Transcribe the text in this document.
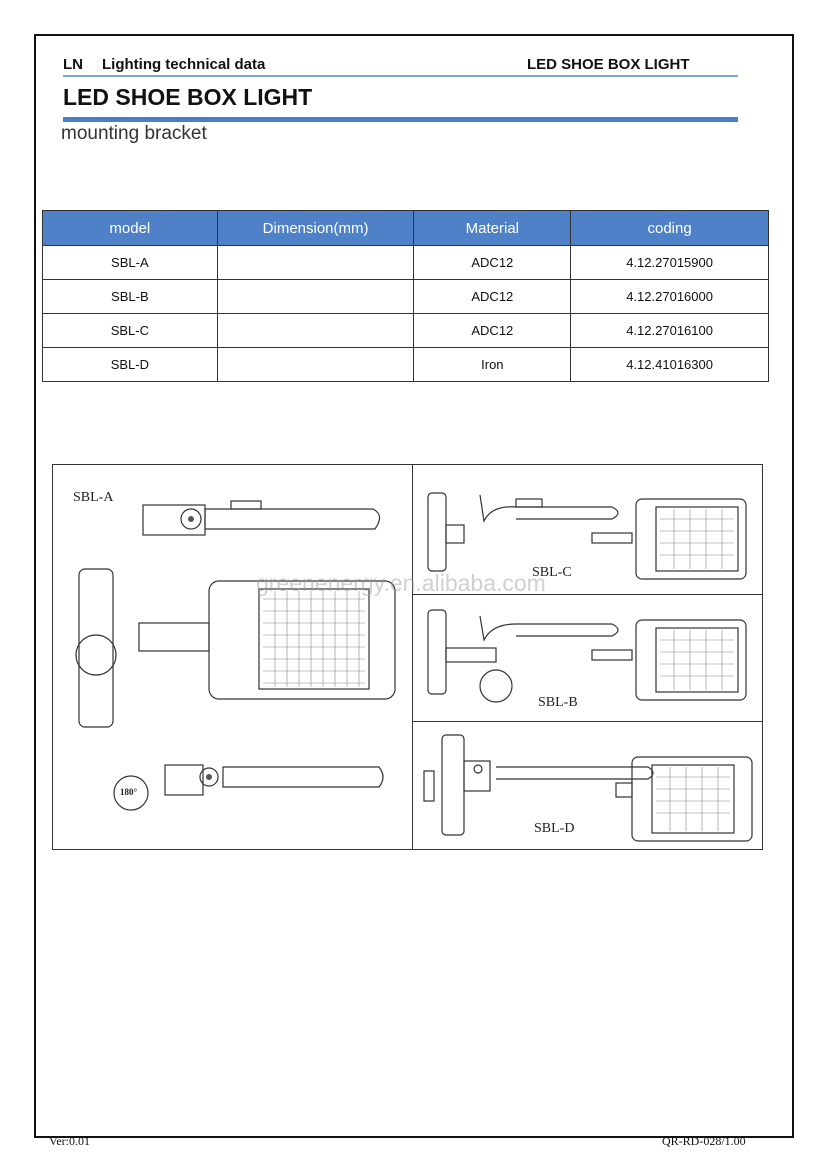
LN Lighting technical data	LED SHOE BOX LIGHT
LED SHOE BOX LIGHT
mounting bracket
model	Dimension(mm)	Material	coding
SBL-A		ADC12	4.12.27015900
SBL-B		ADC12	4.12.27016000
SBL-C		ADC12	4.12.27016100
SBL-D		Iron	4.12.41016300
SBL-A
180°
SBL-C
SBL-B
SBL-D
greenenergy.en.alibaba.com
Ver:0.01	QR-RD-028/1.00
